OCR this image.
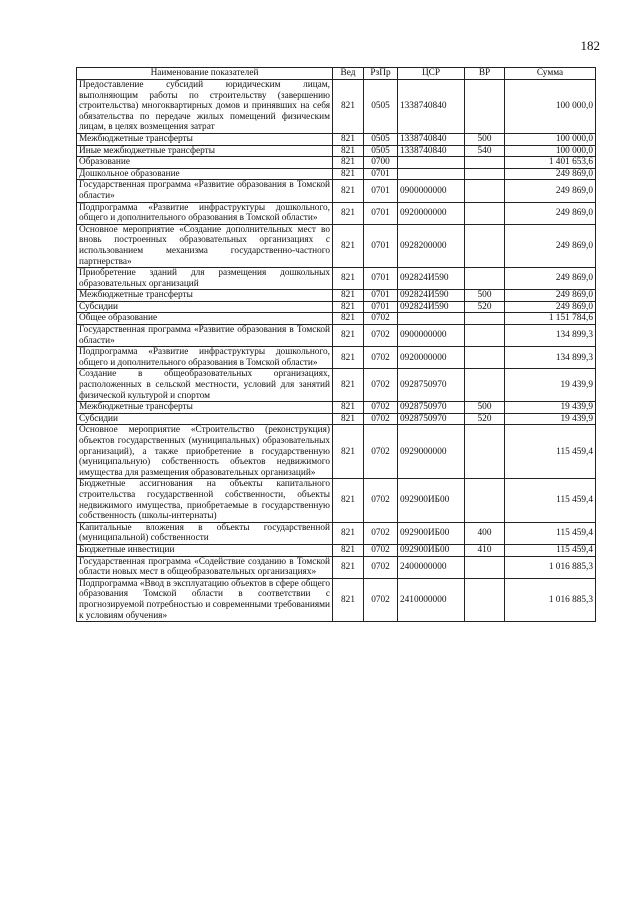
182
Наименование показателей	Вед	РзПр	ЦСР	ВР	Сумма
Предоставление субсидий юридическим лицам, выполняющим работы по строительству (завершению строительства) многоквартирных домов и принявших на себя обязательства по передаче жилых помещений физическим лицам, в целях возмещения затрат	821	0505	1338740840		100 000,0
Межбюджетные трансферты	821	0505	1338740840	500	100 000,0
Иные межбюджетные трансферты	821	0505	1338740840	540	100 000,0
Образование	821	0700			1 401 653,6
Дошкольное образование	821	0701			249 869,0
Государственная программа «Развитие образования в Томской области»	821	0701	0900000000		249 869,0
Подпрограмма «Развитие инфраструктуры дошкольного, общего и дополнительного образования в Томской области»	821	0701	0920000000		249 869,0
Основное мероприятие «Создание дополнительных мест во вновь построенных образовательных организациях с использованием механизма государственно-частного партнерства»	821	0701	0928200000		249 869,0
Приобретение зданий для размещения дошкольных образовательных организаций	821	0701	092824И590		249 869,0
Межбюджетные трансферты	821	0701	092824И590	500	249 869,0
Субсидии	821	0701	092824И590	520	249 869,0
Общее образование	821	0702			1 151 784,6
Государственная программа «Развитие образования в Томской области»	821	0702	0900000000		134 899,3
Подпрограмма «Развитие инфраструктуры дошкольного, общего и дополнительного образования в Томской области»	821	0702	0920000000		134 899,3
Создание в общеобразовательных организациях, расположенных в сельской местности, условий для занятий физической культурой и спортом	821	0702	0928750970		19 439,9
Межбюджетные трансферты	821	0702	0928750970	500	19 439,9
Субсидии	821	0702	0928750970	520	19 439,9
Основное мероприятие «Строительство (реконструкция) объектов государственных (муниципальных) образовательных организаций), а также приобретение в государственную (муниципальную) собственность объектов недвижимого имущества для размещения образовательных организаций»	821	0702	0929000000		115 459,4
Бюджетные ассигнования на объекты капитального строительства государственной собственности, объекты недвижимого имущества, приобретаемые в государственную собственность (школы-интернаты)	821	0702	092900ИБ00		115 459,4
Капитальные вложения в объекты государственной (муниципальной) собственности	821	0702	092900ИБ00	400	115 459,4
Бюджетные инвестиции	821	0702	092900ИБ00	410	115 459,4
Государственная программа «Содействие созданию в Томской области новых мест в общеобразовательных организациях»	821	0702	2400000000		1 016 885,3
Подпрограмма «Ввод в эксплуатацию объектов в сфере общего образования Томской области в соответствии с прогнозируемой потребностью и современными требованиями к условиям обучения»	821	0702	2410000000		1 016 885,3
